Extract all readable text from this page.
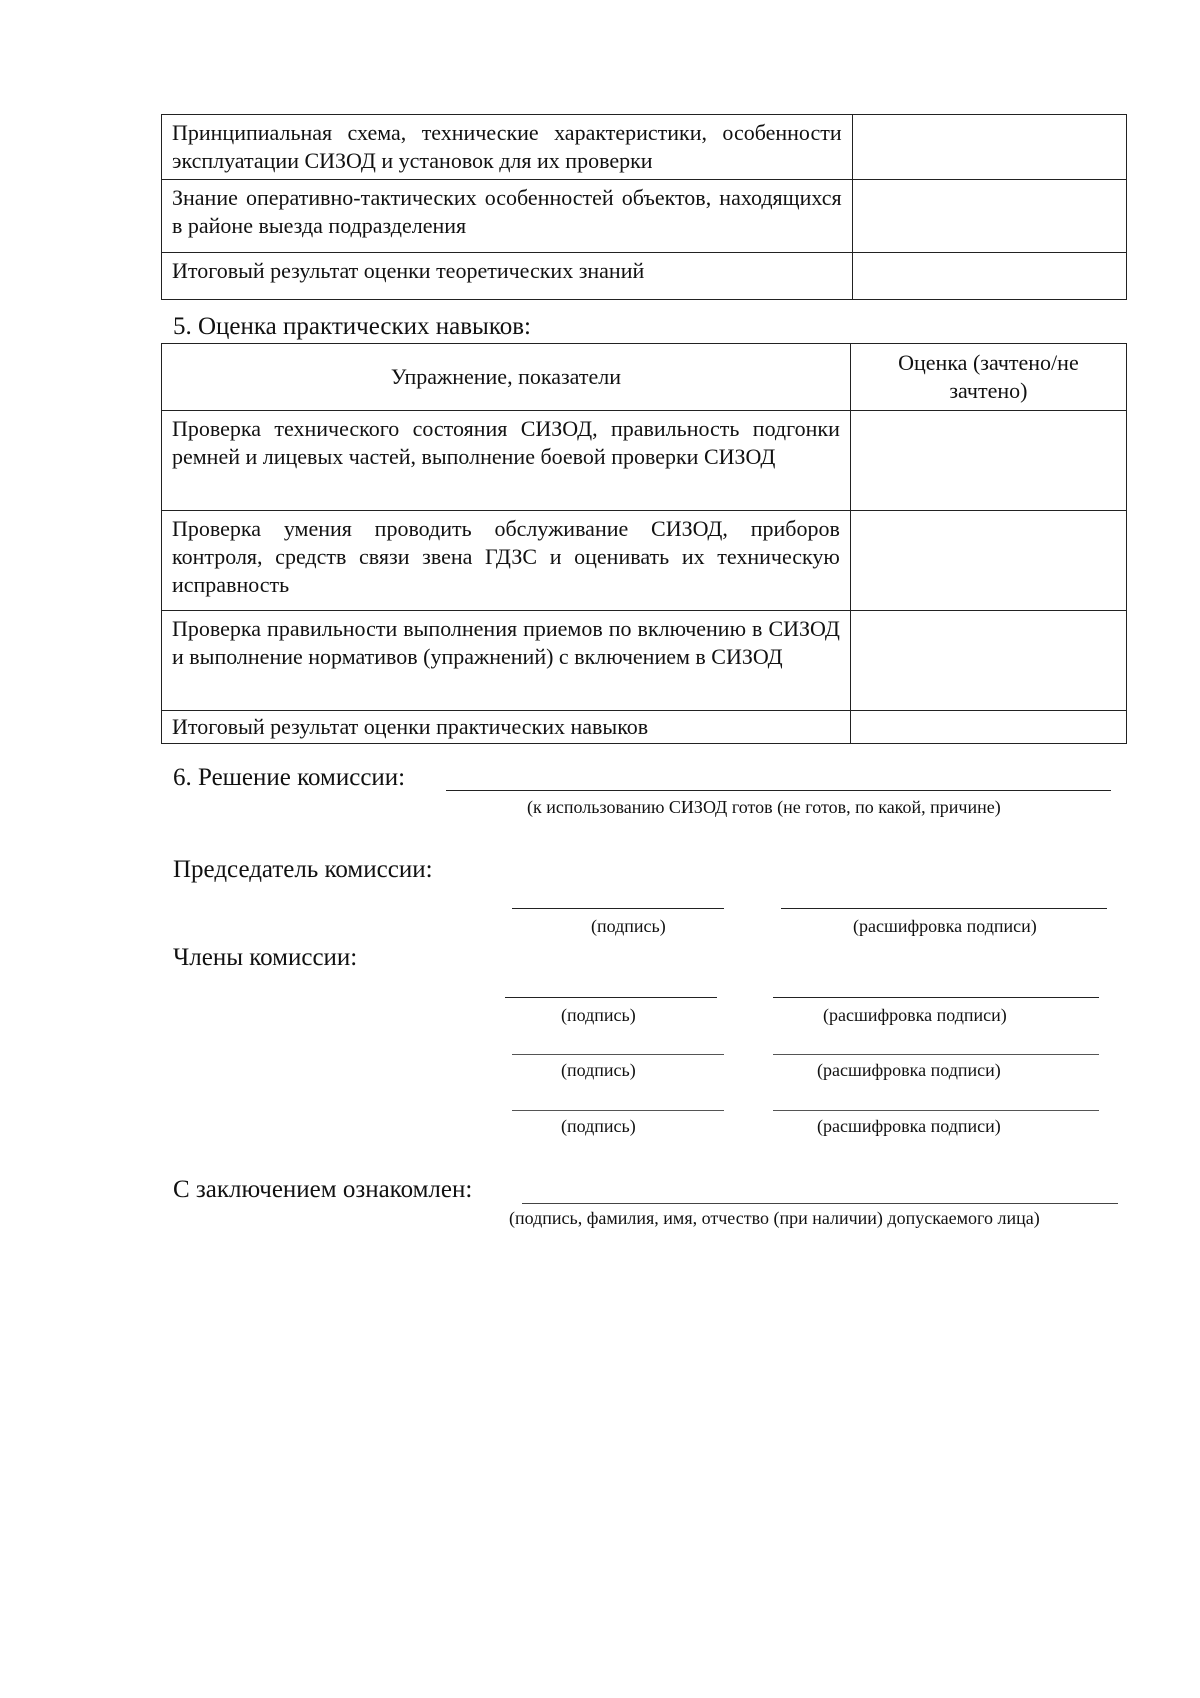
Принципиальная схема, технические характеристики, особенности эксплуатации СИЗОД и установок для их проверки	
Знание оперативно-тактических особенностей объектов, находящихся в районе выезда подразделения	
Итоговый результат оценки теоретических знаний	
5. Оценка практических навыков:
Упражнение, показатели	Оценка (зачтено/не зачтено)
Проверка технического состояния СИЗОД, правильность подгонки ремней и лицевых частей, выполнение боевой проверки СИЗОД	
Проверка умения проводить обслуживание СИЗОД, приборов контроля, средств связи звена ГДЗС и оценивать их техническую исправность	
Проверка правильности выполнения приемов по включению в СИЗОД и выполнение нормативов (упражнений) с включением в СИЗОД	
Итоговый результат оценки практических навыков	
6. Решение комиссии:
(к использованию СИЗОД готов (не готов, по какой, причине)
Председатель комиссии:
(подпись)	(расшифровка подписи)
Члены комиссии:
(подпись)	(расшифровка подписи)
(подпись)	(расшифровка подписи)
(подпись)	(расшифровка подписи)
С заключением ознакомлен:
(подпись, фамилия, имя, отчество (при наличии) допускаемого лица)
